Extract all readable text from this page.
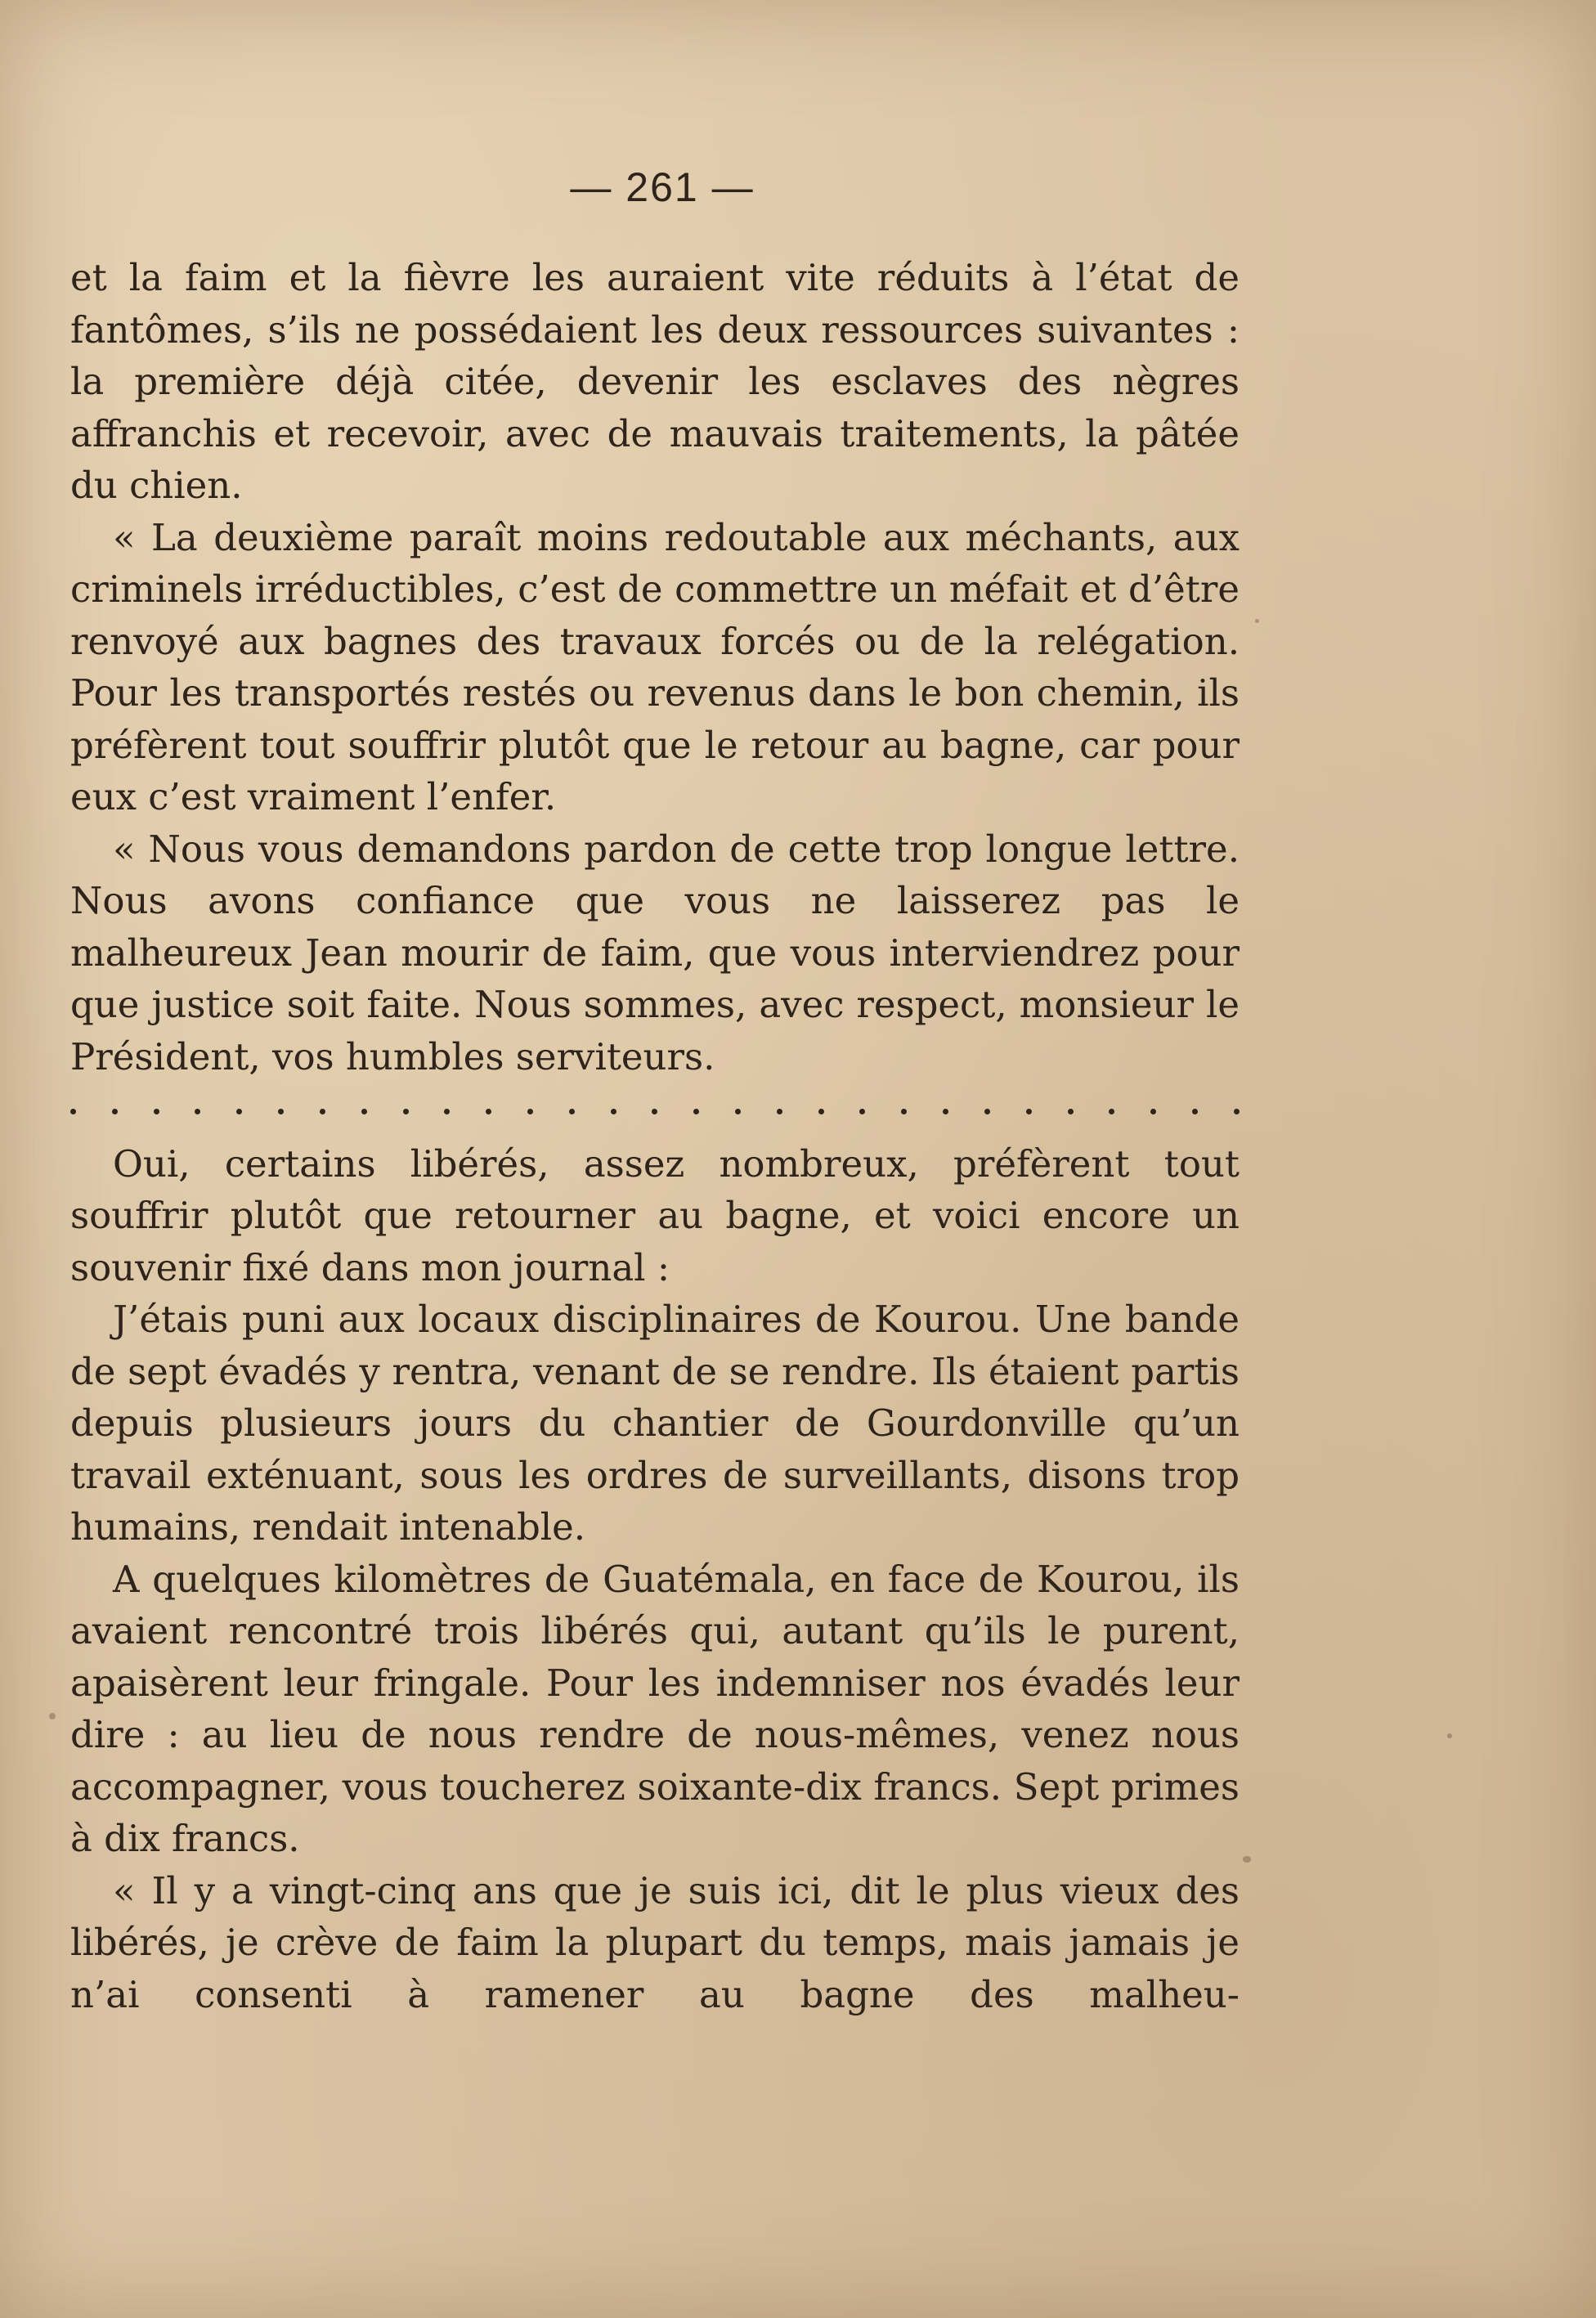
— 261 —

et la faim et la fièvre les auraient vite réduits à l’état de fantômes, s’ils ne possédaient les deux ressources suivantes : la première déjà citée, devenir les esclaves des nègres affranchis et recevoir, avec de mauvais traitements, la pâtée du chien.

« La deuxième paraît moins redoutable aux méchants, aux criminels irréductibles, c’est de commettre un méfait et d’être renvoyé aux bagnes des travaux forcés ou de la relégation. Pour les transportés restés ou revenus dans le bon chemin, ils préfèrent tout souffrir plutôt que le retour au bagne, car pour eux c’est vraiment l’enfer.

« Nous vous demandons pardon de cette trop longue lettre. Nous avons confiance que vous ne laisserez pas le malheureux Jean mourir de faim, que vous interviendrez pour que justice soit faite. Nous sommes, avec respect, monsieur le Président, vos humbles serviteurs.

Oui, certains libérés, assez nombreux, préfèrent tout souffrir plutôt que retourner au bagne, et voici encore un souvenir fixé dans mon journal :

J’étais puni aux locaux disciplinaires de Kourou. Une bande de sept évadés y rentra, venant de se rendre. Ils étaient partis depuis plusieurs jours du chantier de Gourdonville qu’un travail exténuant, sous les ordres de surveillants, disons trop humains, rendait intenable.

A quelques kilomètres de Guatémala, en face de Kourou, ils avaient rencontré trois libérés qui, autant qu’ils le purent, apaisèrent leur fringale. Pour les indemniser nos évadés leur dire : au lieu de nous rendre de nous-mêmes, venez nous accompagner, vous toucherez soixante-dix francs. Sept primes à dix francs.

« Il y a vingt-cinq ans que je suis ici, dit le plus vieux des libérés, je crève de faim la plupart du temps, mais jamais je n’ai consenti à ramener au bagne des malheu-
